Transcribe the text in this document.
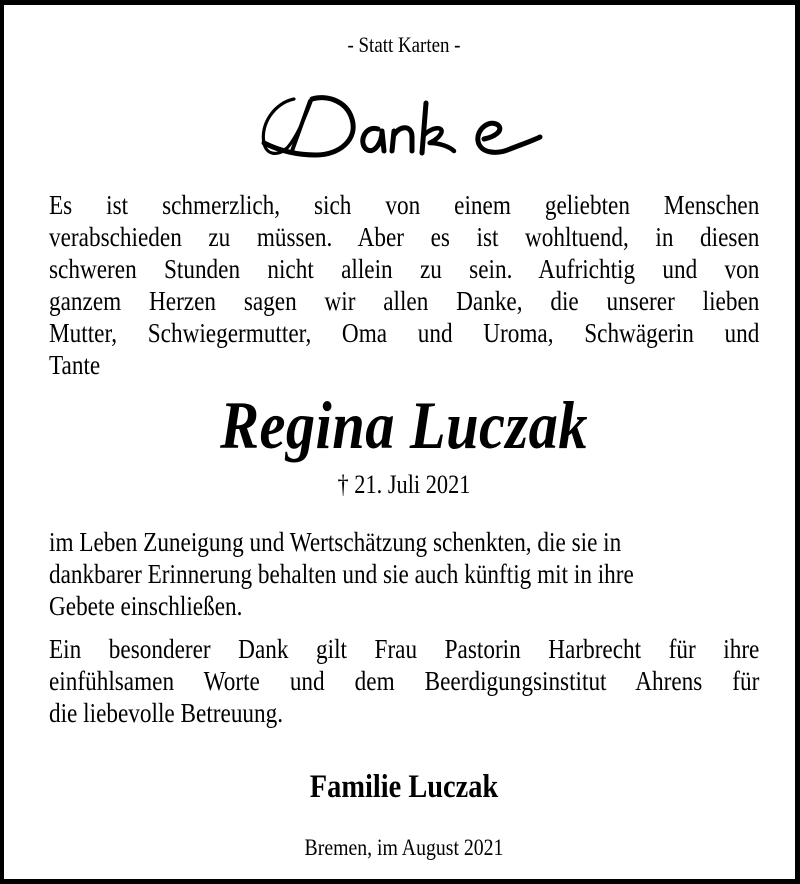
- Statt Karten -
Es ist schmerzlich, sich von einem geliebten Menschen
verabschieden zu müssen. Aber es ist wohltuend, in diesen
schweren Stunden nicht allein zu sein. Aufrichtig und von
ganzem Herzen sagen wir allen Danke, die unserer lieben
Mutter, Schwiegermutter, Oma und Uroma, Schwägerin und
Tante
Regina Luczak
† 21. Juli 2021
im Leben Zuneigung und Wertschätzung schenkten, die sie in
dankbarer Erinnerung behalten und sie auch künftig mit in ihre
Gebete einschließen.
Ein besonderer Dank gilt Frau Pastorin Harbrecht für ihre
einfühlsamen Worte und dem Beerdigungsinstitut Ahrens für
die liebevolle Betreuung.
Familie Luczak
Bremen, im August 2021
